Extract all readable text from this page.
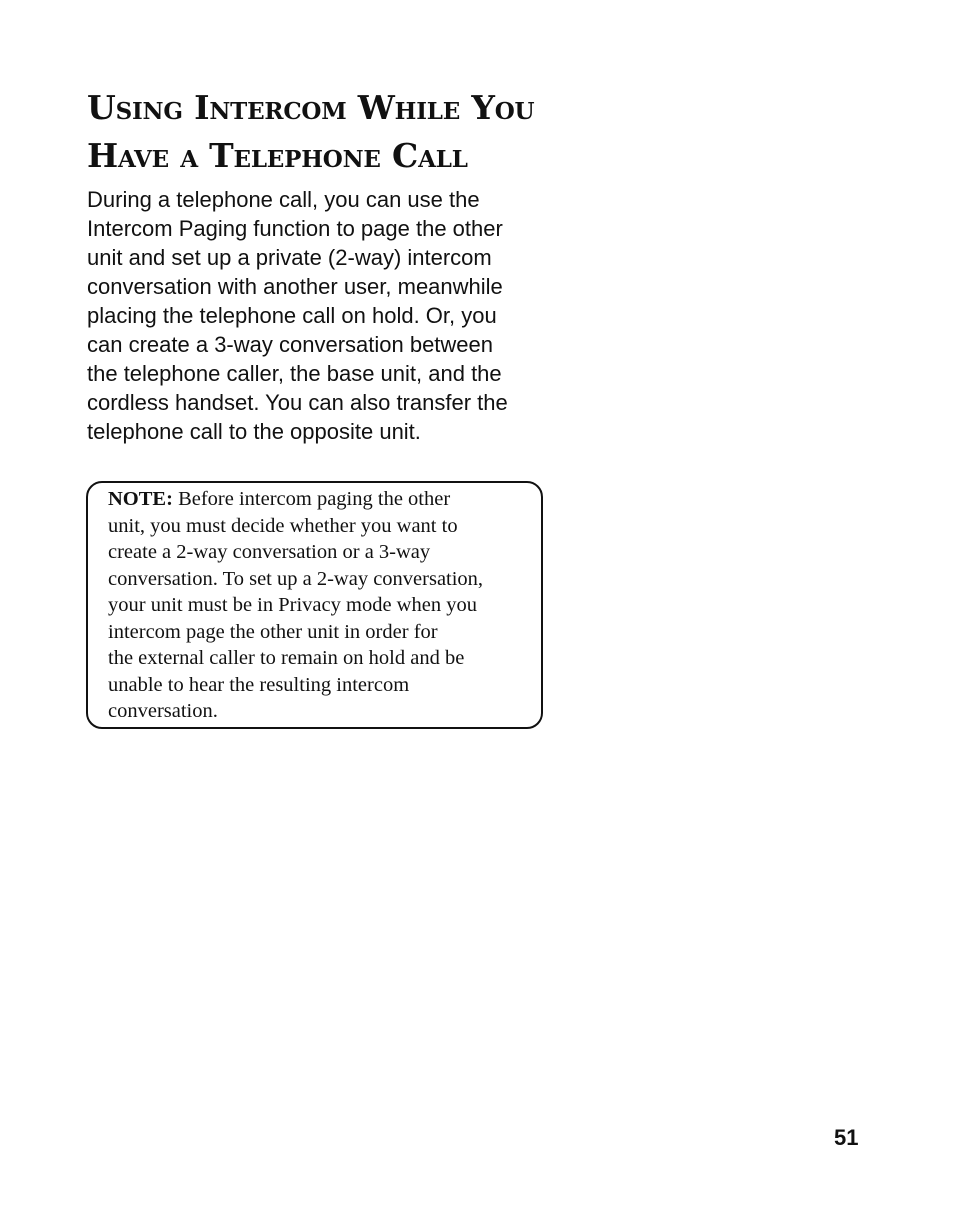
Using Intercom While You
Have a Telephone Call
During a telephone call, you can use the
Intercom Paging function to page the other
unit and set up a private (2-way) intercom
conversation with another user, meanwhile
placing the telephone call on hold. Or, you
can create a 3-way conversation between
the telephone caller, the base unit, and the
cordless handset. You can also transfer the
telephone call to the opposite unit.
NOTE: Before intercom paging the other
unit, you must decide whether you want to
create a 2-way conversation or a 3-way
conversation. To set up a 2-way conversation,
your unit must be in Privacy mode when you
intercom page the other unit in order for
the external caller to remain on hold and be
unable to hear the resulting intercom
conversation.
51
